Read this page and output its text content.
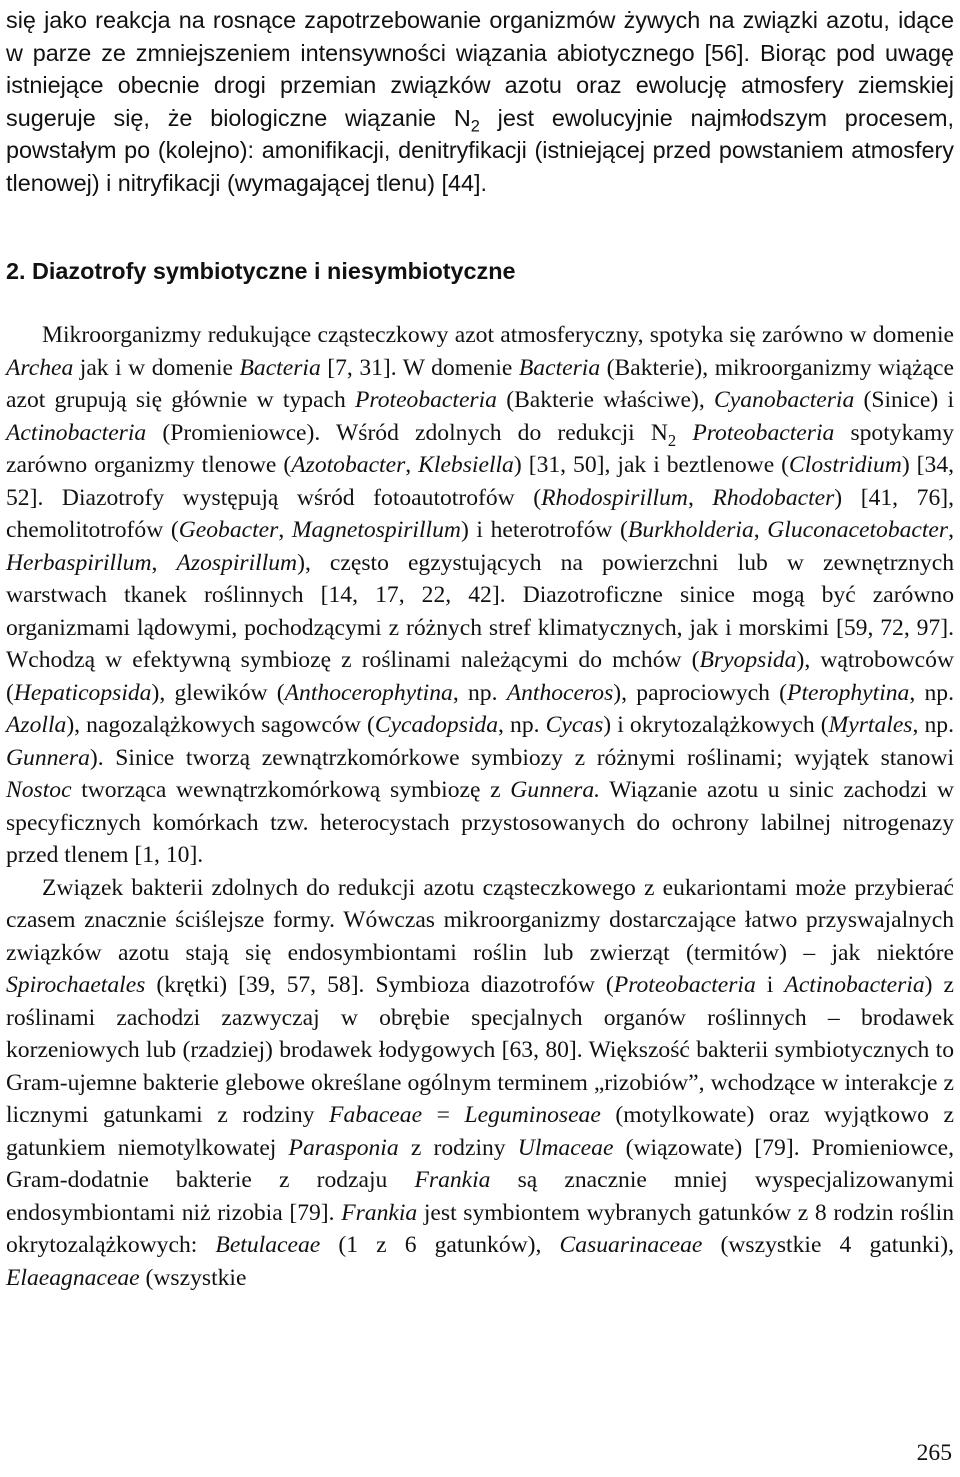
się jako reakcja na rosnące zapotrzebowanie organizmów żywych na związki azotu, idące w parze ze zmniejszeniem intensywności wiązania abiotycznego [56]. Biorąc pod uwagę istniejące obecnie drogi przemian związków azotu oraz ewolucję atmosfery ziemskiej sugeruje się, że biologiczne wiązanie $N_2$ jest ewolucyjnie najmłodszym procesem, powstałym po (kolejno): amonifikacji, denitryfikacji (istniejącej przed powstaniem atmosfery tlenowej) i nitryfikacji (wymagającej tlenu) [44].

2. Diazotrofy symbiotyczne i niesymbiotyczne

Mikroorganizmy redukujące cząsteczkowy azot atmosferyczny, spotyka się zarówno w domenie Archea jak i w domenie Bacteria [7, 31]. W domenie Bacteria (Bakterie), mikroorganizmy wiążące azot grupują się głównie w typach Proteobacteria (Bakterie właściwe), Cyanobacteria (Sinice) i Actinobacteria (Promieniowce). Wśród zdolnych do redukcji $N_2$ Proteobacteria spotykamy zarówno organizmy tlenowe (Azotobacter, Klebsiella) [31, 50], jak i beztlenowe (Clostridium) [34, 52]. Diazotrofy występują wśród fotoautotrofów (Rhodospirillum, Rhodobacter) [41, 76], chemolitotrofów (Geobacter, Magnetospirillum) i heterotrofów (Burkholderia, Gluconacetobacter, Herbaspirillum, Azospirillum), często egzystujących na powierzchni lub w zewnętrznych warstwach tkanek roślinnych [14, 17, 22, 42]. Diazotroficzne sinice mogą być zarówno organizmami lądowymi, pochodzącymi z różnych stref klimatycznych, jak i morskimi [59, 72, 97]. Wchodzą w efektywną symbiozę z roślinami należącymi do mchów (Bryopsida), wątrobowców (Hepaticopsida), glewików (Anthocerophytina, np. Anthoceros), paprociowych (Pterophytina, np. Azolla), nagozalążkowych sagowców (Cycadopsida, np. Cycas) i okrytozalążkowych (Myrtales, np. Gunnera). Sinice tworzą zewnątrzkomórkowe symbiozy z różnymi roślinami; wyjątek stanowi Nostoc tworząca wewnątrzkomórkową symbiozę z Gunnera. Wiązanie azotu u sinic zachodzi w specyficznych komórkach tzw. heterocystach przystosowanych do ochrony labilnej nitrogenazy przed tlenem [1, 10].

Związek bakterii zdolnych do redukcji azotu cząsteczkowego z eukariontami może przybierać czasem znacznie ściślejsze formy. Wówczas mikroorganizmy dostarczające łatwo przyswajalnych związków azotu stają się endosymbiontami roślin lub zwierząt (termitów) – jak niektóre Spirochaetales (krętki) [39, 57, 58]. Symbioza diazotrofów (Proteobacteria i Actinobacteria) z roślinami zachodzi zazwyczaj w obrębie specjalnych organów roślinnych – brodawek korzeniowych lub (rzadziej) brodawek łodygowych [63, 80]. Większość bakterii symbiotycznych to Gram-ujemne bakterie glebowe określane ogólnym terminem „rizobiów”, wchodzące w interakcje z licznymi gatunkami z rodziny Fabaceae = Leguminoseae (motylkowate) oraz wyjątkowo z gatunkiem niemotylkowatej Parasponia z rodziny Ulmaceae (wiązowate) [79]. Promieniowce, Gram-dodatnie bakterie z rodzaju Frankia są znacznie mniej wyspecjalizowanymi endosymbiontami niż rizobia [79]. Frankia jest symbiontem wybranych gatunków z 8 rodzin roślin okrytozalążkowych: Betulaceae (1 z 6 gatunków), Casuarinaceae (wszystkie 4 gatunki), Elaeagnaceae (wszystkie

265
